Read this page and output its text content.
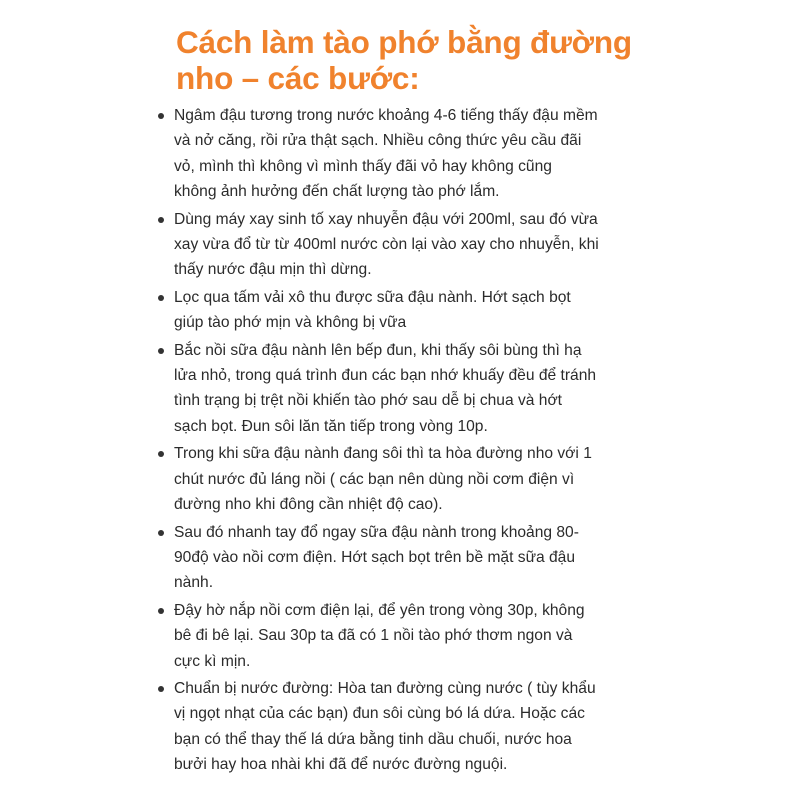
Cách làm tào phớ bằng đường
nho – các bước:
Ngâm đậu tương trong nước khoảng 4-6 tiếng thấy đậu mềm
và nở căng, rồi rửa thật sạch. Nhiều công thức yêu cầu đãi
vỏ, mình thì không vì mình thấy đãi vỏ hay không cũng
không ảnh hưởng đến chất lượng tào phớ lắm.
Dùng máy xay sinh tố xay nhuyễn đậu với 200ml, sau đó vừa
xay vừa đổ từ từ 400ml nước còn lại vào xay cho nhuyễn, khi
thấy nước đậu mịn thì dừng.
Lọc qua tấm vải xô thu được sữa đậu nành. Hớt sạch bọt
giúp tào phớ mịn và không bị vữa
Bắc nồi sữa đậu nành lên bếp đun, khi thấy sôi bùng thì hạ
lửa nhỏ, trong quá trình đun các bạn nhớ khuấy đều để tránh
tình trạng bị trệt nồi khiến tào phớ sau dễ bị chua và hớt
sạch bọt. Đun sôi lăn tăn tiếp trong vòng 10p.
Trong khi sữa đậu nành đang sôi thì ta hòa đường nho với 1
chút nước đủ láng nồi ( các bạn nên dùng nồi cơm điện vì
đường nho khi đông cần nhiệt độ cao).
Sau đó nhanh tay đổ ngay sữa đậu nành trong khoảng 80-
90độ vào nồi cơm điện. Hớt sạch bọt trên bề mặt sữa đậu
nành.
Đậy hờ nắp nồi cơm điện lại, để yên trong vòng 30p, không
bê đi bê lại. Sau 30p ta đã có 1 nồi tào phớ thơm ngon và
cực kì mịn.
Chuẩn bị nước đường: Hòa tan đường cùng nước ( tùy khẩu
vị ngọt nhạt của các bạn) đun sôi cùng bó lá dứa. Hoặc các
bạn có thể thay thế lá dứa bằng tinh dầu chuối, nước hoa
bưởi hay hoa nhài khi đã để nước đường nguội.
